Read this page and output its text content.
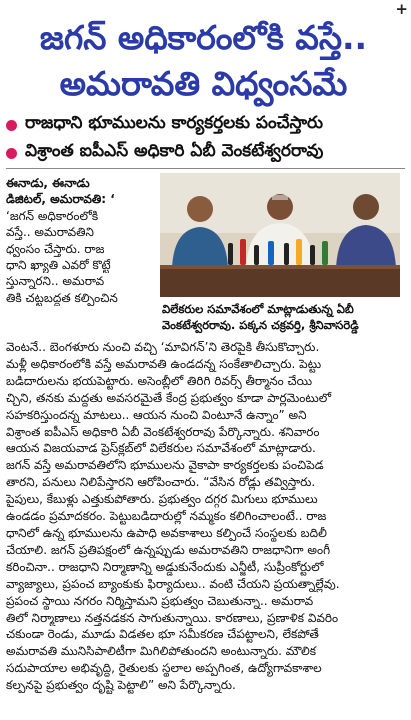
+
జగన్ అధికారంలోకి వస్తే..
అమరావతి విధ్వంసమే
రాజధాని భూములను కార్యకర్తలకు పంచేస్తారు
విశ్రాంత ఐపీఎస్ అధికారి ఏబీ వెంకటేశ్వరరావు

ఈనాడు, ఈనాడు

డిజిటల్, అమరావతి: ‘

‘జగన్ అధికారంలోకి

వస్తే.. అమరావతిని

ధ్వంసం చేస్తారు. రాజ

ధాని ఖ్యాతి ఎవరో కొట్టే

స్తున్నారని.. అమరావ

తికి చట్టబద్ధత కల్పించిన

విలేకరుల సమావేశంలో మాట్లాడుతున్న ఏబీ
వెంకటేశ్వరరావు. పక్కన చక్రవర్తి, శ్రీనివాసరెడ్డి

వెంటనే.. బెంగళూరు నుంచి వచ్చి ‘మావిగన్’ని తెరపైకి తీసుకొచ్చారు.

మళ్లీ అధికారంలోకి వస్తే అమరావతి ఉండదన్న సంకేతాలిచ్చారు. పెట్టు

బడిదారులను భయపెట్టారు. అసెంబ్లీలో తిరిగి రివర్స్ తీర్మానం చేయి

చ్చిని, తనకు మద్దతు అవసరమైతే కేంద్ర ప్రభుత్వం కూడా పార్లమెంటులో

సహకరిస్తుందన్న మాటలు.. ఆయన నుంచి వింటూనే ఉన్నాం” అని

విశ్రాంత ఐపీఎస్ అధికారి ఏబీ వెంకటేశ్వరరావు పేర్కొన్నారు. శనివారం

ఆయన విజయవాడ ప్రెస్‌క్లబ్‌లో విలేకరుల సమావేశంలో మాట్లాడారు.

జగన్ వస్తే అమరావతిలోని భూములను వైకాపా కార్యకర్తలకు పంచిపెడ

తారని, పనులు నిలిపేస్తారని ఆరోపించారు. “వేసిన రోడ్లు తవ్విస్తారు.

పైపులు, కేబుళ్లు ఎత్తుకుపోతారు. ప్రభుత్వం దగ్గర మిగులు భూములు

ఉండడం ప్రమాదకరం. పెట్టుబడిదారుల్లో నమ్మకం కలిగించాలంటే.. రాజ

ధానిలో ఉన్న భూములను ఉపాధి అవకాశాలు కల్పించే సంస్థలకు బదిలీ

చేయాలి. జగన్ ప్రతిపక్షంలో ఉన్నప్పుడు అమరావతిని రాజధానిగా అంగీ

కరించినా.. రాజధాని నిర్మాణాన్ని అడ్డుకునేందుకు ఎన్జీటీ, సుప్రీంకోర్టులో

వ్యాజ్యాలు, ప్రపంచ బ్యాంకుకు ఫిర్యాదులు.. వంటి చేయని ప్రయత్నాల్లేవు.

ప్రపంచ స్థాయి నగరం నిర్మిస్తామని ప్రభుత్వం చెబుతున్నా.. అమరావ

తిలో నిర్మాణాలు నత్తనడకన సాగుతున్నాయి. కారణాలు, ప్రణాళిక వివరిం

చకుండా రెండు, మూడు విడతల భూ సమీకరణ చేపట్టాలని, లేకపోతే

అమరావతి మునిసిపాలిటీగా మిగిలిపోతుందని అంటున్నారు. మౌలిక

సదుపాయాల అభివృద్ధి, రైతులకు స్థలాల అప్పగింత, ఉద్యోగావకాశాల

కల్పనపై ప్రభుత్వం దృష్టి పెట్టాలి” అని పేర్కొన్నారు.
